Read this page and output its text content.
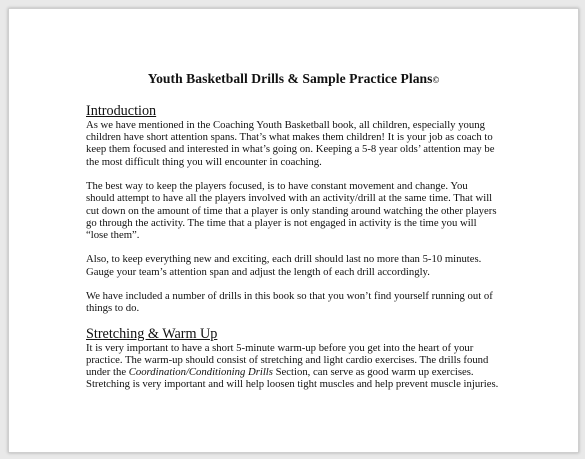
Youth Basketball Drills & Sample Practice Plans©
Introduction

As we have mentioned in the Coaching Youth Basketball book, all children, especially young
children have short attention spans. That’s what makes them children! It is your job as coach to
keep them focused and interested in what’s going on. Keeping a 5-8 year olds’ attention may be
the most difficult thing you will encounter in coaching.

The best way to keep the players focused, is to have constant movement and change. You
should attempt to have all the players involved with an activity/drill at the same time. That will
cut down on the amount of time that a player is only standing around watching the other players
go through the activity. The time that a player is not engaged in activity is the time you will
“lose them”.

Also, to keep everything new and exciting, each drill should last no more than 5-10 minutes.
Gauge your team’s attention span and adjust the length of each drill accordingly.

We have included a number of drills in this book so that you won’t find yourself running out of
things to do.

Stretching & Warm Up

It is very important to have a short 5-minute warm-up before you get into the heart of your
practice. The warm-up should consist of stretching and light cardio exercises. The drills found
under the Coordination/Conditioning Drills Section, can serve as good warm up exercises.
Stretching is very important and will help loosen tight muscles and help prevent muscle injuries.
